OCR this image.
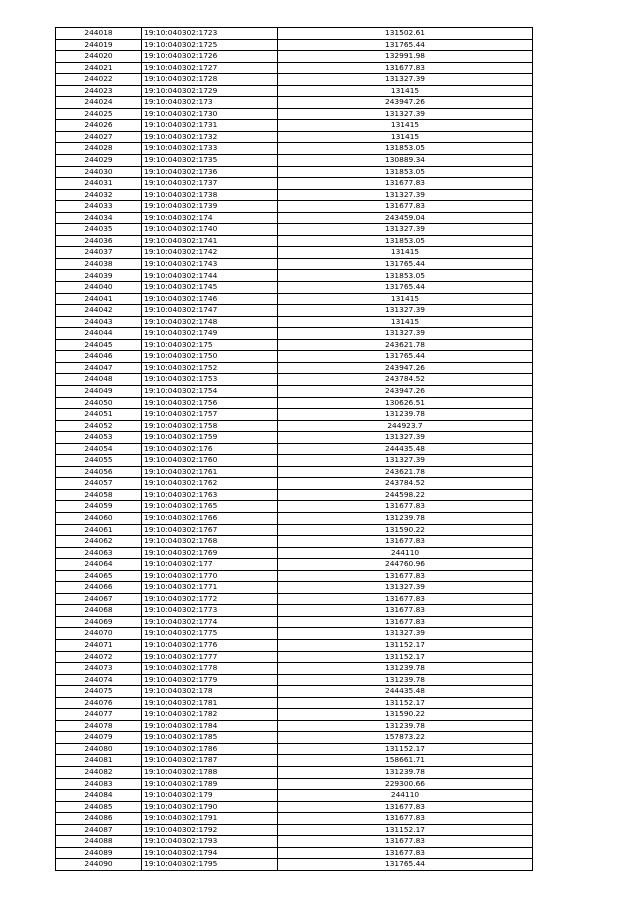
244018	19:10:040302:1723	131502.61
244019	19:10:040302:1725	131765.44
244020	19:10:040302:1726	132991.98
244021	19:10:040302:1727	131677.83
244022	19:10:040302:1728	131327.39
244023	19:10:040302:1729	131415
244024	19:10:040302:173	243947.26
244025	19:10:040302:1730	131327.39
244026	19:10:040302:1731	131415
244027	19:10:040302:1732	131415
244028	19:10:040302:1733	131853.05
244029	19:10:040302:1735	130889.34
244030	19:10:040302:1736	131853.05
244031	19:10:040302:1737	131677.83
244032	19:10:040302:1738	131327.39
244033	19:10:040302:1739	131677.83
244034	19:10:040302:174	243459.04
244035	19:10:040302:1740	131327.39
244036	19:10:040302:1741	131853.05
244037	19:10:040302:1742	131415
244038	19:10:040302:1743	131765.44
244039	19:10:040302:1744	131853.05
244040	19:10:040302:1745	131765.44
244041	19:10:040302:1746	131415
244042	19:10:040302:1747	131327.39
244043	19:10:040302:1748	131415
244044	19:10:040302:1749	131327.39
244045	19:10:040302:175	243621.78
244046	19:10:040302:1750	131765.44
244047	19:10:040302:1752	243947.26
244048	19:10:040302:1753	243784.52
244049	19:10:040302:1754	243947.26
244050	19:10:040302:1756	130626.51
244051	19:10:040302:1757	131239.78
244052	19:10:040302:1758	244923.7
244053	19:10:040302:1759	131327.39
244054	19:10:040302:176	244435.48
244055	19:10:040302:1760	131327.39
244056	19:10:040302:1761	243621.78
244057	19:10:040302:1762	243784.52
244058	19:10:040302:1763	244598.22
244059	19:10:040302:1765	131677.83
244060	19:10:040302:1766	131239.78
244061	19:10:040302:1767	131590.22
244062	19:10:040302:1768	131677.83
244063	19:10:040302:1769	244110
244064	19:10:040302:177	244760.96
244065	19:10:040302:1770	131677.83
244066	19:10:040302:1771	131327.39
244067	19:10:040302:1772	131677.83
244068	19:10:040302:1773	131677.83
244069	19:10:040302:1774	131677.83
244070	19:10:040302:1775	131327.39
244071	19:10:040302:1776	131152.17
244072	19:10:040302:1777	131152.17
244073	19:10:040302:1778	131239.78
244074	19:10:040302:1779	131239.78
244075	19:10:040302:178	244435.48
244076	19:10:040302:1781	131152.17
244077	19:10:040302:1782	131590.22
244078	19:10:040302:1784	131239.78
244079	19:10:040302:1785	157873.22
244080	19:10:040302:1786	131152.17
244081	19:10:040302:1787	158661.71
244082	19:10:040302:1788	131239.78
244083	19:10:040302:1789	229300.66
244084	19:10:040302:179	244110
244085	19:10:040302:1790	131677.83
244086	19:10:040302:1791	131677.83
244087	19:10:040302:1792	131152.17
244088	19:10:040302:1793	131677.83
244089	19:10:040302:1794	131677.83
244090	19:10:040302:1795	131765.44
